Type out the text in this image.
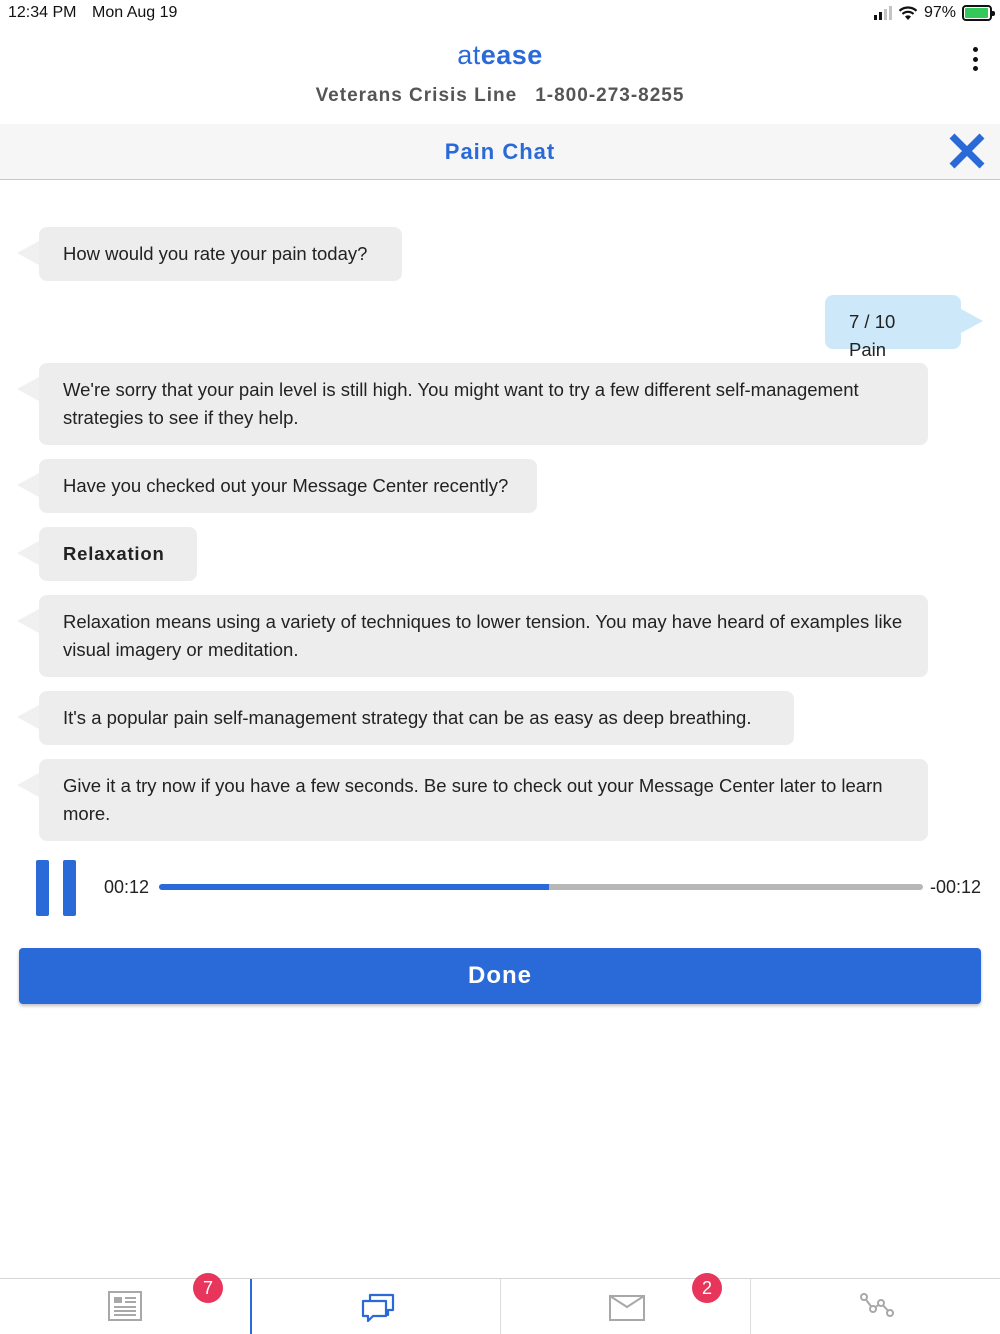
12:34 PM Mon Aug 19	97%
atease
Veterans Crisis Line 1-800-273-8255
Pain Chat
How would you rate your pain today?
7 / 10 Pain
We're sorry that your pain level is still high. You might want to try a few different self-management strategies to see if they help.
Have you checked out your Message Center recently?
Relaxation
Relaxation means using a variety of techniques to lower tension. You may have heard of examples like visual imagery or meditation.
It's a popular pain self-management strategy that can be as easy as deep breathing.
Give it a try now if you have a few seconds. Be sure to check out your Message Center later to learn more.
00:12	-00:12
Done
7	2
